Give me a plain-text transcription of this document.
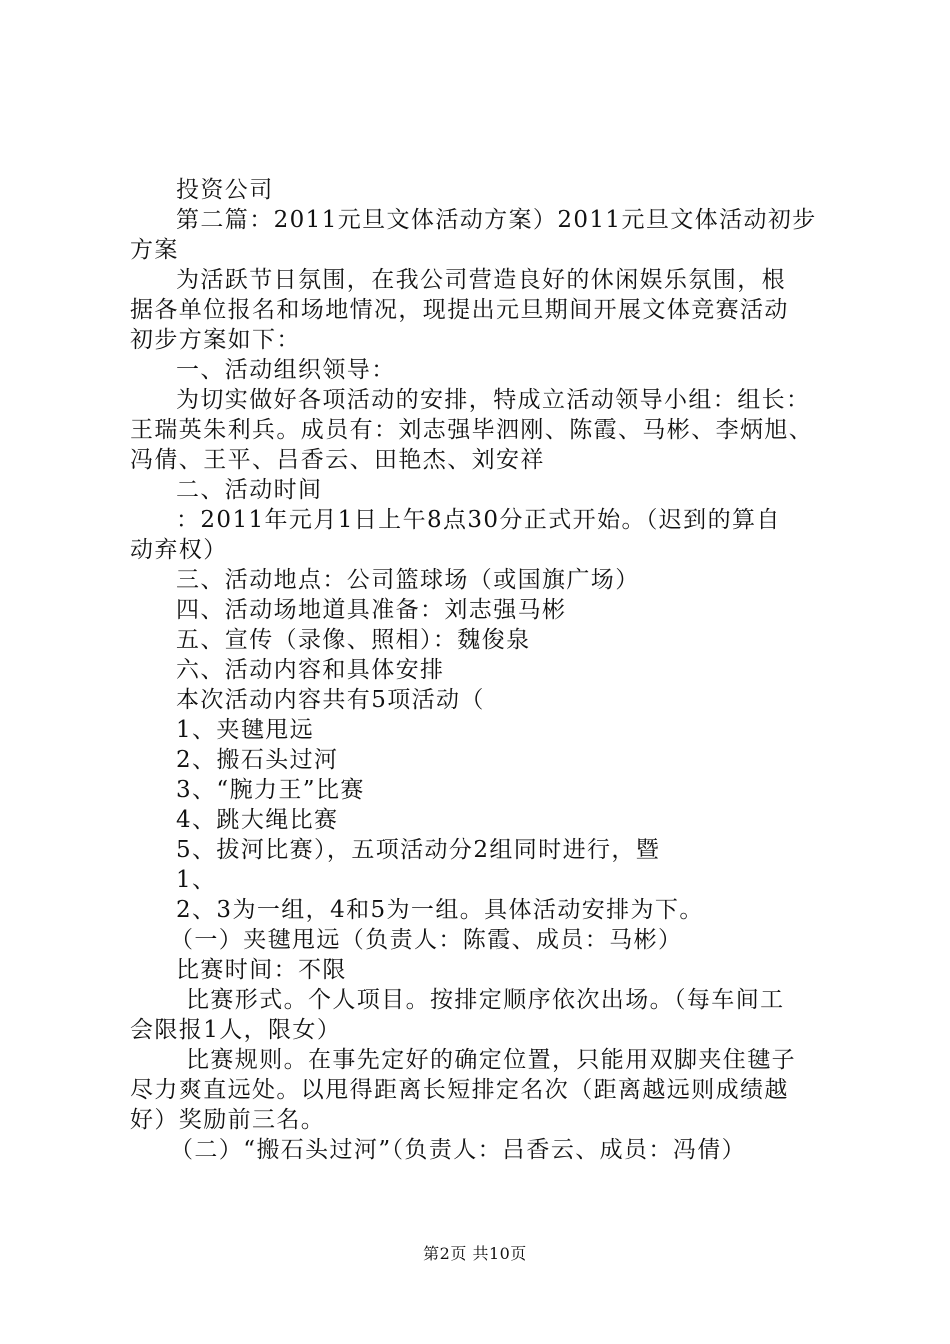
投资公司
第二篇：2011元旦文体活动方案）2011元旦文体活动初步
方案
为活跃节日氛围，在我公司营造良好的休闲娱乐氛围，根
据各单位报名和场地情况，现提出元旦期间开展文体竞赛活动
初步方案如下：
一、活动组织领导：
为切实做好各项活动的安排，特成立活动领导小组：组长：
王瑞英朱利兵。成员有：刘志强毕泗刚、陈霞、马彬、李炳旭、
冯倩、王平、吕香云、田艳杰、刘安祥
二、活动时间
：2011年元月1日上午8点30分正式开始。（迟到的算自
动弃权）
三、活动地点：公司篮球场（或国旗广场）
四、活动场地道具准备：刘志强马彬
五、宣传（录像、照相）：魏俊泉
六、活动内容和具体安排
本次活动内容共有5项活动（
1、夹毽甩远
2、搬石头过河
3、“腕力王”比赛
4、跳大绳比赛
5、拔河比赛），五项活动分2组同时进行，暨
1、
2、3为一组，4和5为一组。具体活动安排为下。
（一）夹毽甩远（负责人：陈霞、成员：马彬）
比赛时间：不限
比赛形式。个人项目。按排定顺序依次出场。（每车间工
会限报1人，限女）
比赛规则。在事先定好的确定位置，只能用双脚夹住毽子
尽力爽直远处。以甩得距离长短排定名次（距离越远则成绩越
好）奖励前三名。
（二）“搬石头过河”（负责人：吕香云、成员：冯倩）
第2页 共10页
